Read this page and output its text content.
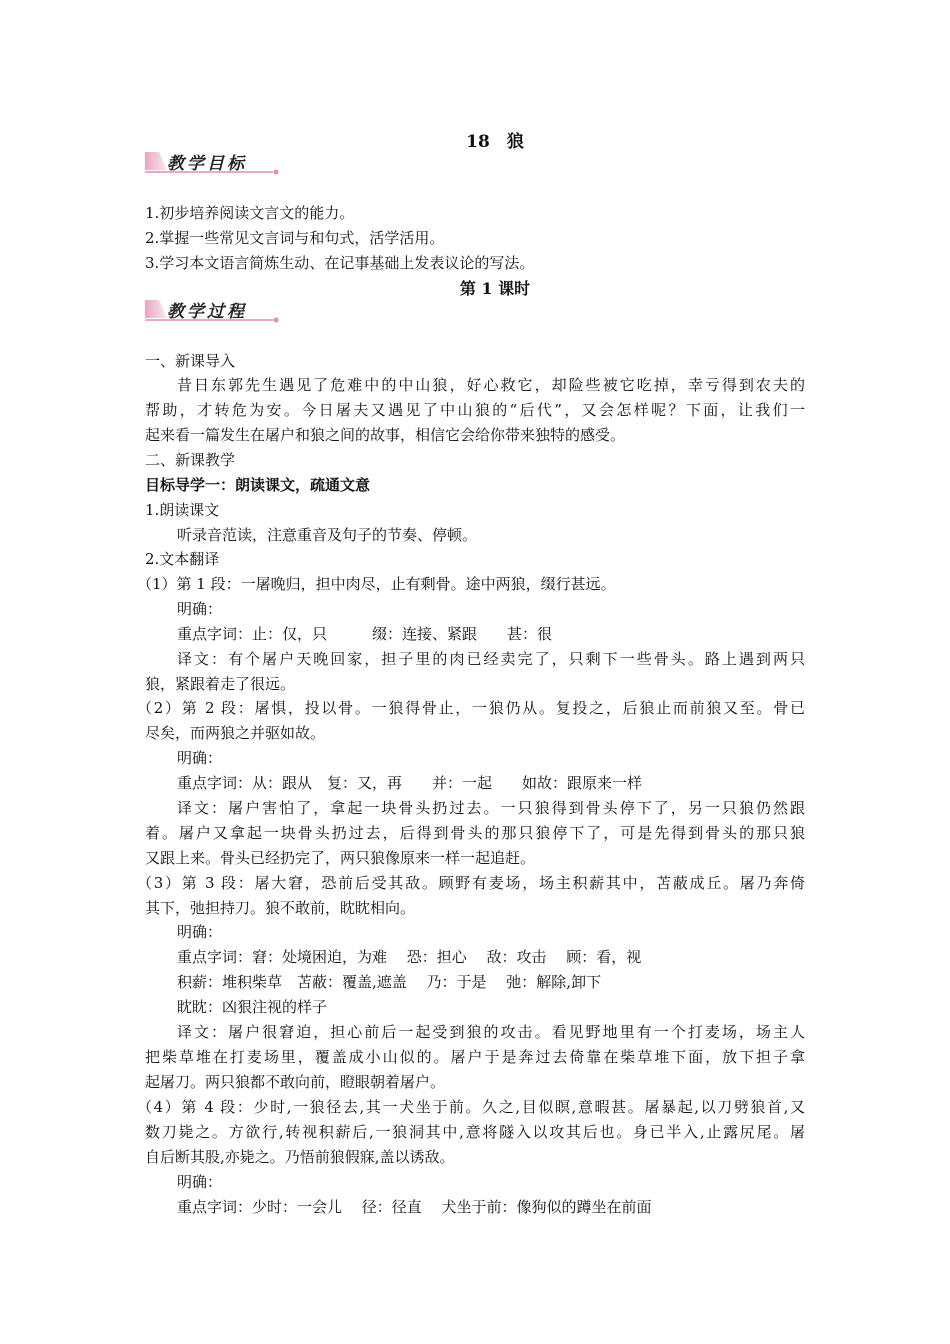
18　狼
教学目标
1.初步培养阅读文言文的能力。
2.掌握一些常见文言词与和句式，活学活用。
3.学习本文语言简炼生动、在记事基础上发表议论的写法。
第 1 课时
教学过程
一、新课导入
昔日东郭先生遇见了危难中的中山狼，好心救它，却险些被它吃掉，幸亏得到农夫的
帮助，才转危为安。今日屠夫又遇见了中山狼的“后代”，又会怎样呢？下面，让我们一
起来看一篇发生在屠户和狼之间的故事，相信它会给你带来独特的感受。
二、新课教学
目标导学一：朗读课文，疏通文意
1.朗读课文
听录音范读，注意重音及句子的节奏、停顿。
2.文本翻译
（1）第 1 段：一屠晚归，担中肉尽，止有剩骨。途中两狼，缀行甚远。
明确：
重点字词：止：仅，只　　　缀：连接、紧跟　　甚：很
译文：有个屠户天晚回家，担子里的肉已经卖完了，只剩下一些骨头。路上遇到两只
狼，紧跟着走了很远。
（2）第 2 段：屠惧，投以骨。一狼得骨止，一狼仍从。复投之，后狼止而前狼又至。骨已
尽矣，而两狼之并驱如故。
明确：
重点字词：从：跟从　复：又，再　　并：一起　　如故：跟原来一样
译文：屠户害怕了，拿起一块骨头扔过去。一只狼得到骨头停下了，另一只狼仍然跟
着。屠户又拿起一块骨头扔过去，后得到骨头的那只狼停下了，可是先得到骨头的那只狼
又跟上来。骨头已经扔完了，两只狼像原来一样一起追赶。
（3）第 3 段：屠大窘，恐前后受其敌。顾野有麦场，场主积薪其中，苫蔽成丘。屠乃奔倚
其下，弛担持刀。狼不敢前，眈眈相向。
明确：
重点字词：窘：处境困迫，为难　 恐：担心　 敌：攻击　 顾：看，视
积薪：堆积柴草　苫蔽：覆盖,遮盖　 乃：于是　 弛：解除,卸下
眈眈：凶狠注视的样子
译文：屠户很窘迫，担心前后一起受到狼的攻击。看见野地里有一个打麦场，场主人
把柴草堆在打麦场里，覆盖成小山似的。屠户于是奔过去倚靠在柴草堆下面，放下担子拿
起屠刀。两只狼都不敢向前，瞪眼朝着屠户。
（4）第 4 段：少时,一狼径去,其一犬坐于前。久之,目似瞑,意暇甚。屠暴起,以刀劈狼首,又
数刀毙之。方欲行,转视积薪后,一狼洞其中,意将隧入以攻其后也。身已半入,止露尻尾。屠
自后断其股,亦毙之。乃悟前狼假寐,盖以诱敌。
明确：
重点字词：少时：一会儿　 径：径直　 犬坐于前：像狗似的蹲坐在前面
